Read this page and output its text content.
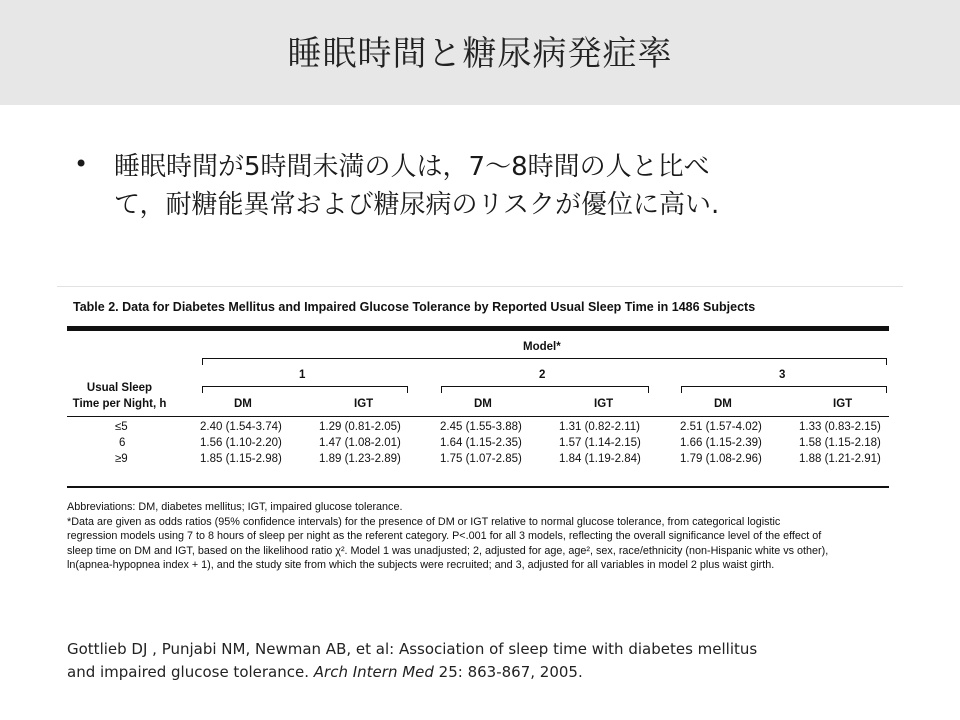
睡眠時間と糖尿病発症率
• 睡眠時間が5時間未満の人は，7〜8時間の人と比べ
て，耐糖能異常および糖尿病のリスクが優位に高い.
Table 2. Data for Diabetes Mellitus and Impaired Glucose Tolerance by Reported Usual Sleep Time in 1486 Subjects
Model*
1	2	3
Usual Sleep
Time per Night, h	DM	IGT	DM	IGT	DM	IGT
≤5	2.40 (1.54-3.74)	1.29 (0.81-2.05)	2.45 (1.55-3.88)	1.31 (0.82-2.11)	2.51 (1.57-4.02)	1.33 (0.83-2.15)
6	1.56 (1.10-2.20)	1.47 (1.08-2.01)	1.64 (1.15-2.35)	1.57 (1.14-2.15)	1.66 (1.15-2.39)	1.58 (1.15-2.18)
≥9	1.85 (1.15-2.98)	1.89 (1.23-2.89)	1.75 (1.07-2.85)	1.84 (1.19-2.84)	1.79 (1.08-2.96)	1.88 (1.21-2.91)
Abbreviations: DM, diabetes mellitus; IGT, impaired glucose tolerance.
*Data are given as odds ratios (95% confidence intervals) for the presence of DM or IGT relative to normal glucose tolerance, from categorical logistic
regression models using 7 to 8 hours of sleep per night as the referent category. P<.001 for all 3 models, reflecting the overall significance level of the effect of
sleep time on DM and IGT, based on the likelihood ratio χ². Model 1 was unadjusted; 2, adjusted for age, age², sex, race/ethnicity (non-Hispanic white vs other),
ln(apnea-hypopnea index + 1), and the study site from which the subjects were recruited; and 3, adjusted for all variables in model 2 plus waist girth.
Gottlieb DJ , Punjabi NM, Newman AB, et al: Association of sleep time with diabetes mellitus
and impaired glucose tolerance. Arch Intern Med 25: 863-867, 2005.
